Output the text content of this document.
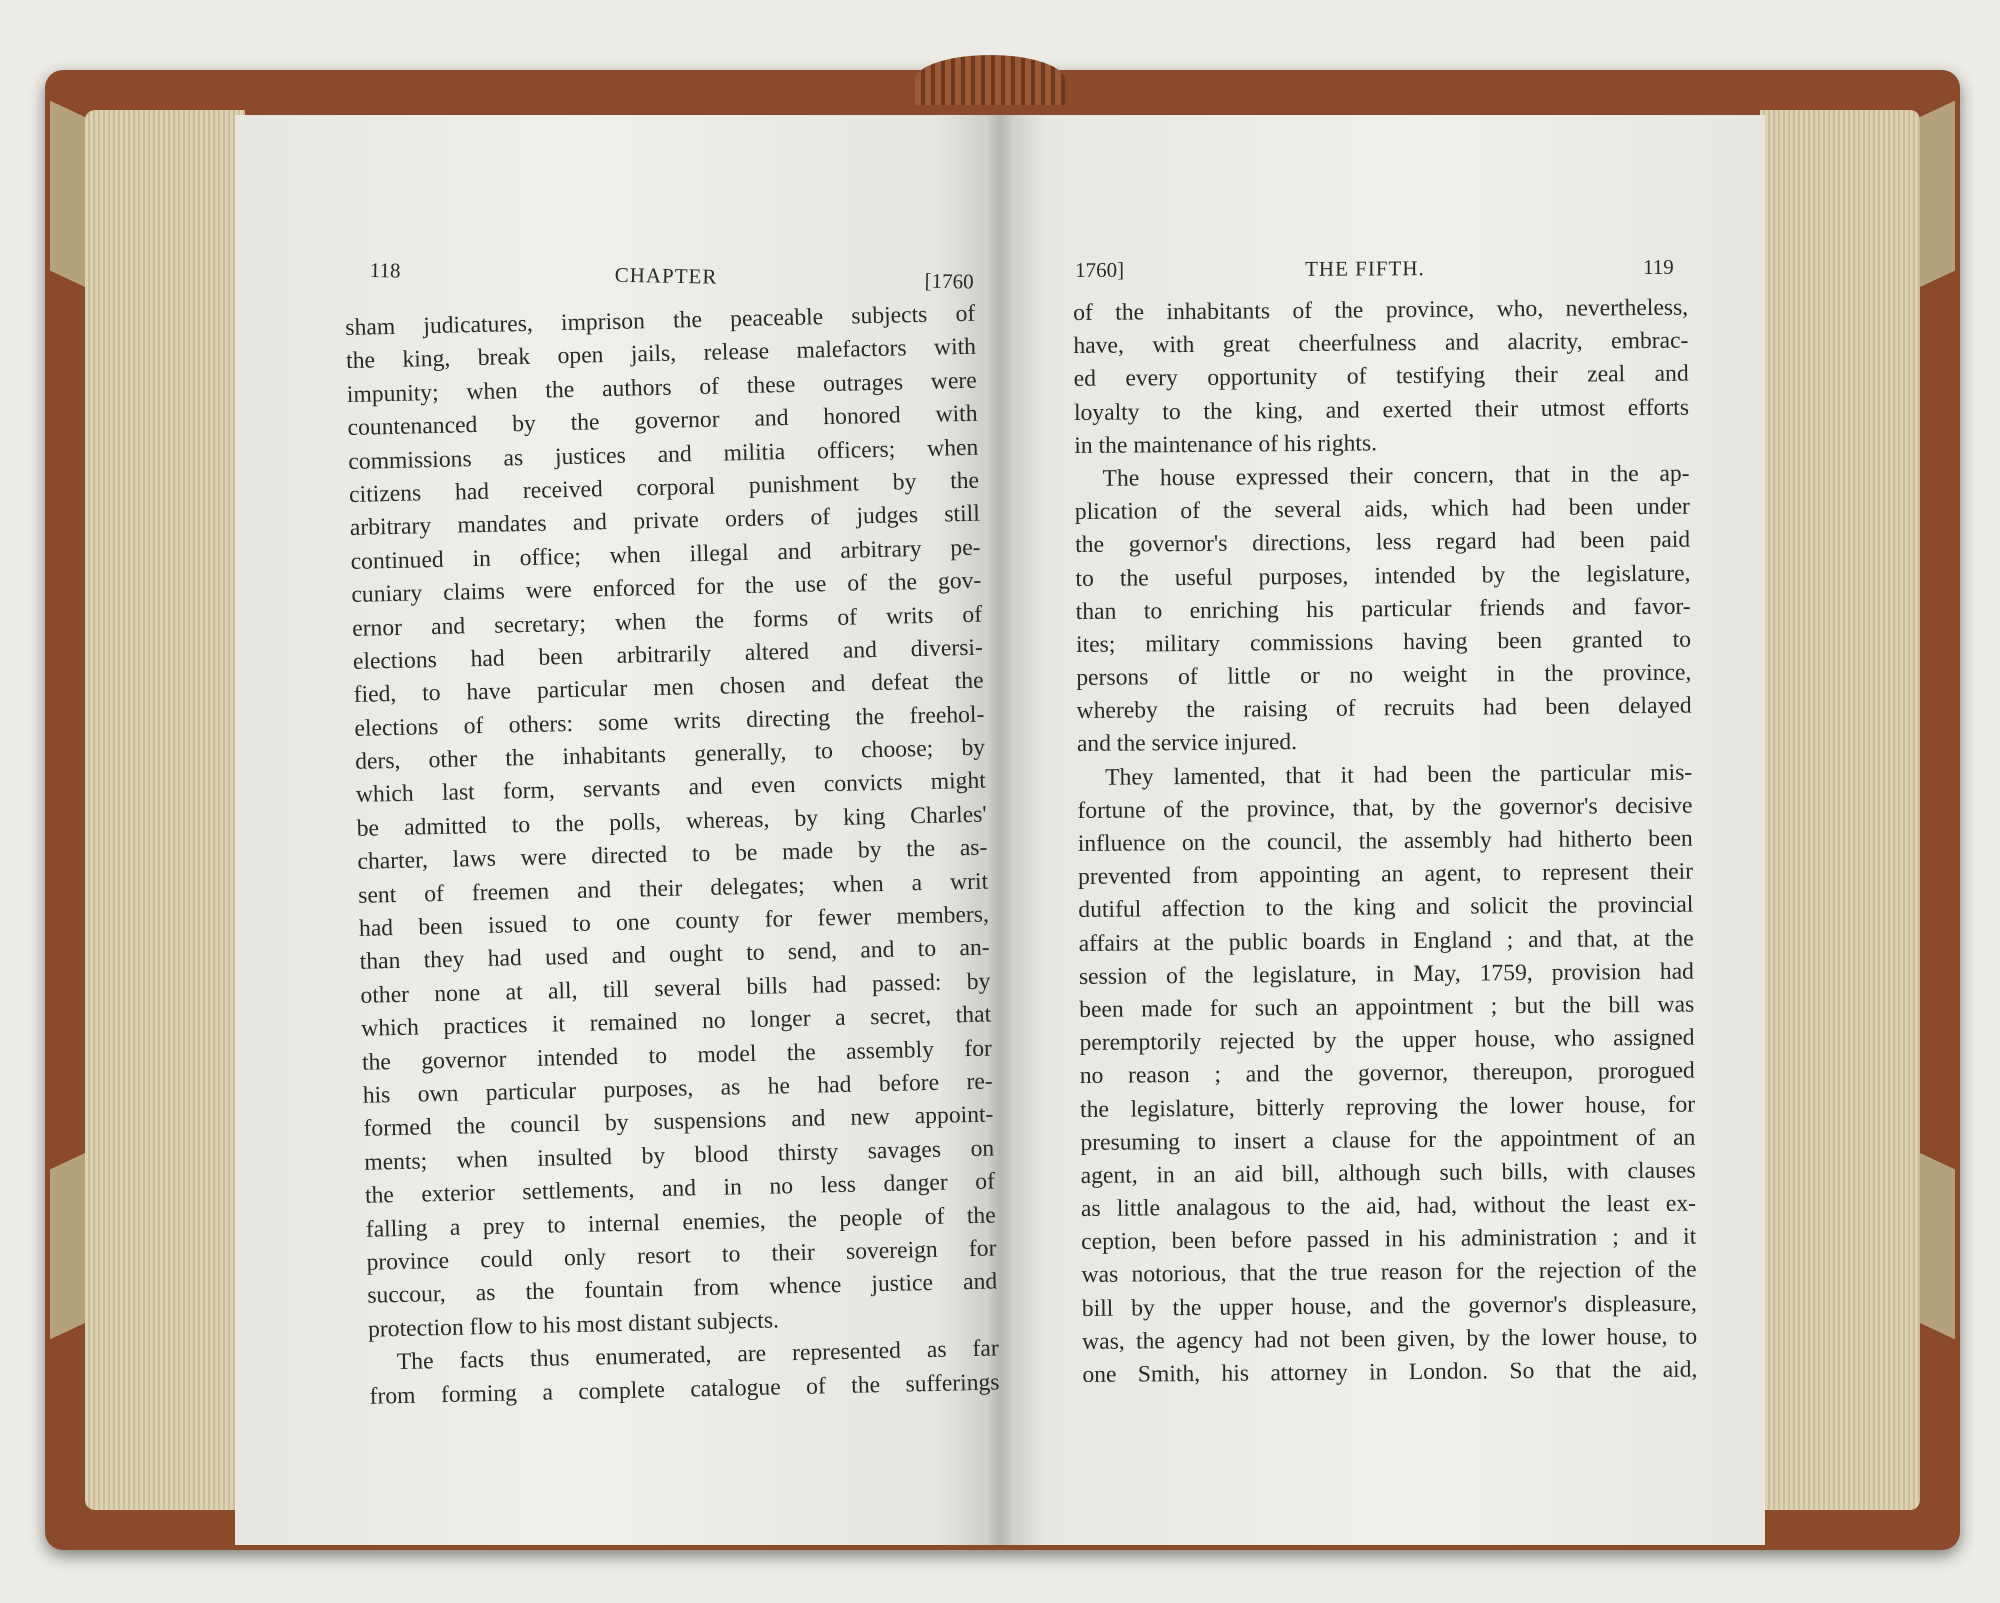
118	CHAPTER	[1760	1760]	THE FIFTH.	119
sham judicatures, imprison the peaceable subjects of
the king, break open jails, release malefactors with
impunity; when the authors of these outrages were
countenanced by the governor and honored with
commissions as justices and militia officers; when
citizens had received corporal punishment by the
arbitrary mandates and private orders of judges still
continued in office; when illegal and arbitrary pe-
cuniary claims were enforced for the use of the gov-
ernor and secretary; when the forms of writs of
elections had been arbitrarily altered and diversi-
fied, to have particular men chosen and defeat the
elections of others: some writs directing the freehol-
ders, other the inhabitants generally, to choose; by
which last form, servants and even convicts might
be admitted to the polls, whereas, by king Charles'
charter, laws were directed to be made by the as-
sent of freemen and their delegates; when a writ
had been issued to one county for fewer members,
than they had used and ought to send, and to an-
other none at all, till several bills had passed: by
which practices it remained no longer a secret, that
the governor intended to model the assembly for
his own particular purposes, as he had before re-
formed the council by suspensions and new appoint-
ments; when insulted by blood thirsty savages on
the exterior settlements, and in no less danger of
falling a prey to internal enemies, the people of the
province could only resort to their sovereign for
succour, as the fountain from whence justice and
protection flow to his most distant subjects.
The facts thus enumerated, are represented as far
from forming a complete catalogue of the sufferings
of the inhabitants of the province, who, nevertheless,
have, with great cheerfulness and alacrity, embrac-
ed every opportunity of testifying their zeal and
loyalty to the king, and exerted their utmost efforts
in the maintenance of his rights.
The house expressed their concern, that in the ap-
plication of the several aids, which had been under
the governor's directions, less regard had been paid
to the useful purposes, intended by the legislature,
than to enriching his particular friends and favor-
ites; military commissions having been granted to
persons of little or no weight in the province,
whereby the raising of recruits had been delayed
and the service injured.
They lamented, that it had been the particular mis-
fortune of the province, that, by the governor's decisive
influence on the council, the assembly had hitherto been
prevented from appointing an agent, to represent their
dutiful affection to the king and solicit the provincial
affairs at the public boards in England ; and that, at the
session of the legislature, in May, 1759, provision had
been made for such an appointment ; but the bill was
peremptorily rejected by the upper house, who assigned
no reason ; and the governor, thereupon, prorogued
the legislature, bitterly reproving the lower house, for
presuming to insert a clause for the appointment of an
agent, in an aid bill, although such bills, with clauses
as little analagous to the aid, had, without the least ex-
ception, been before passed in his administration ; and it
was notorious, that the true reason for the rejection of the
bill by the upper house, and the governor's displeasure,
was, the agency had not been given, by the lower house, to
one Smith, his attorney in London. So that the aid,
